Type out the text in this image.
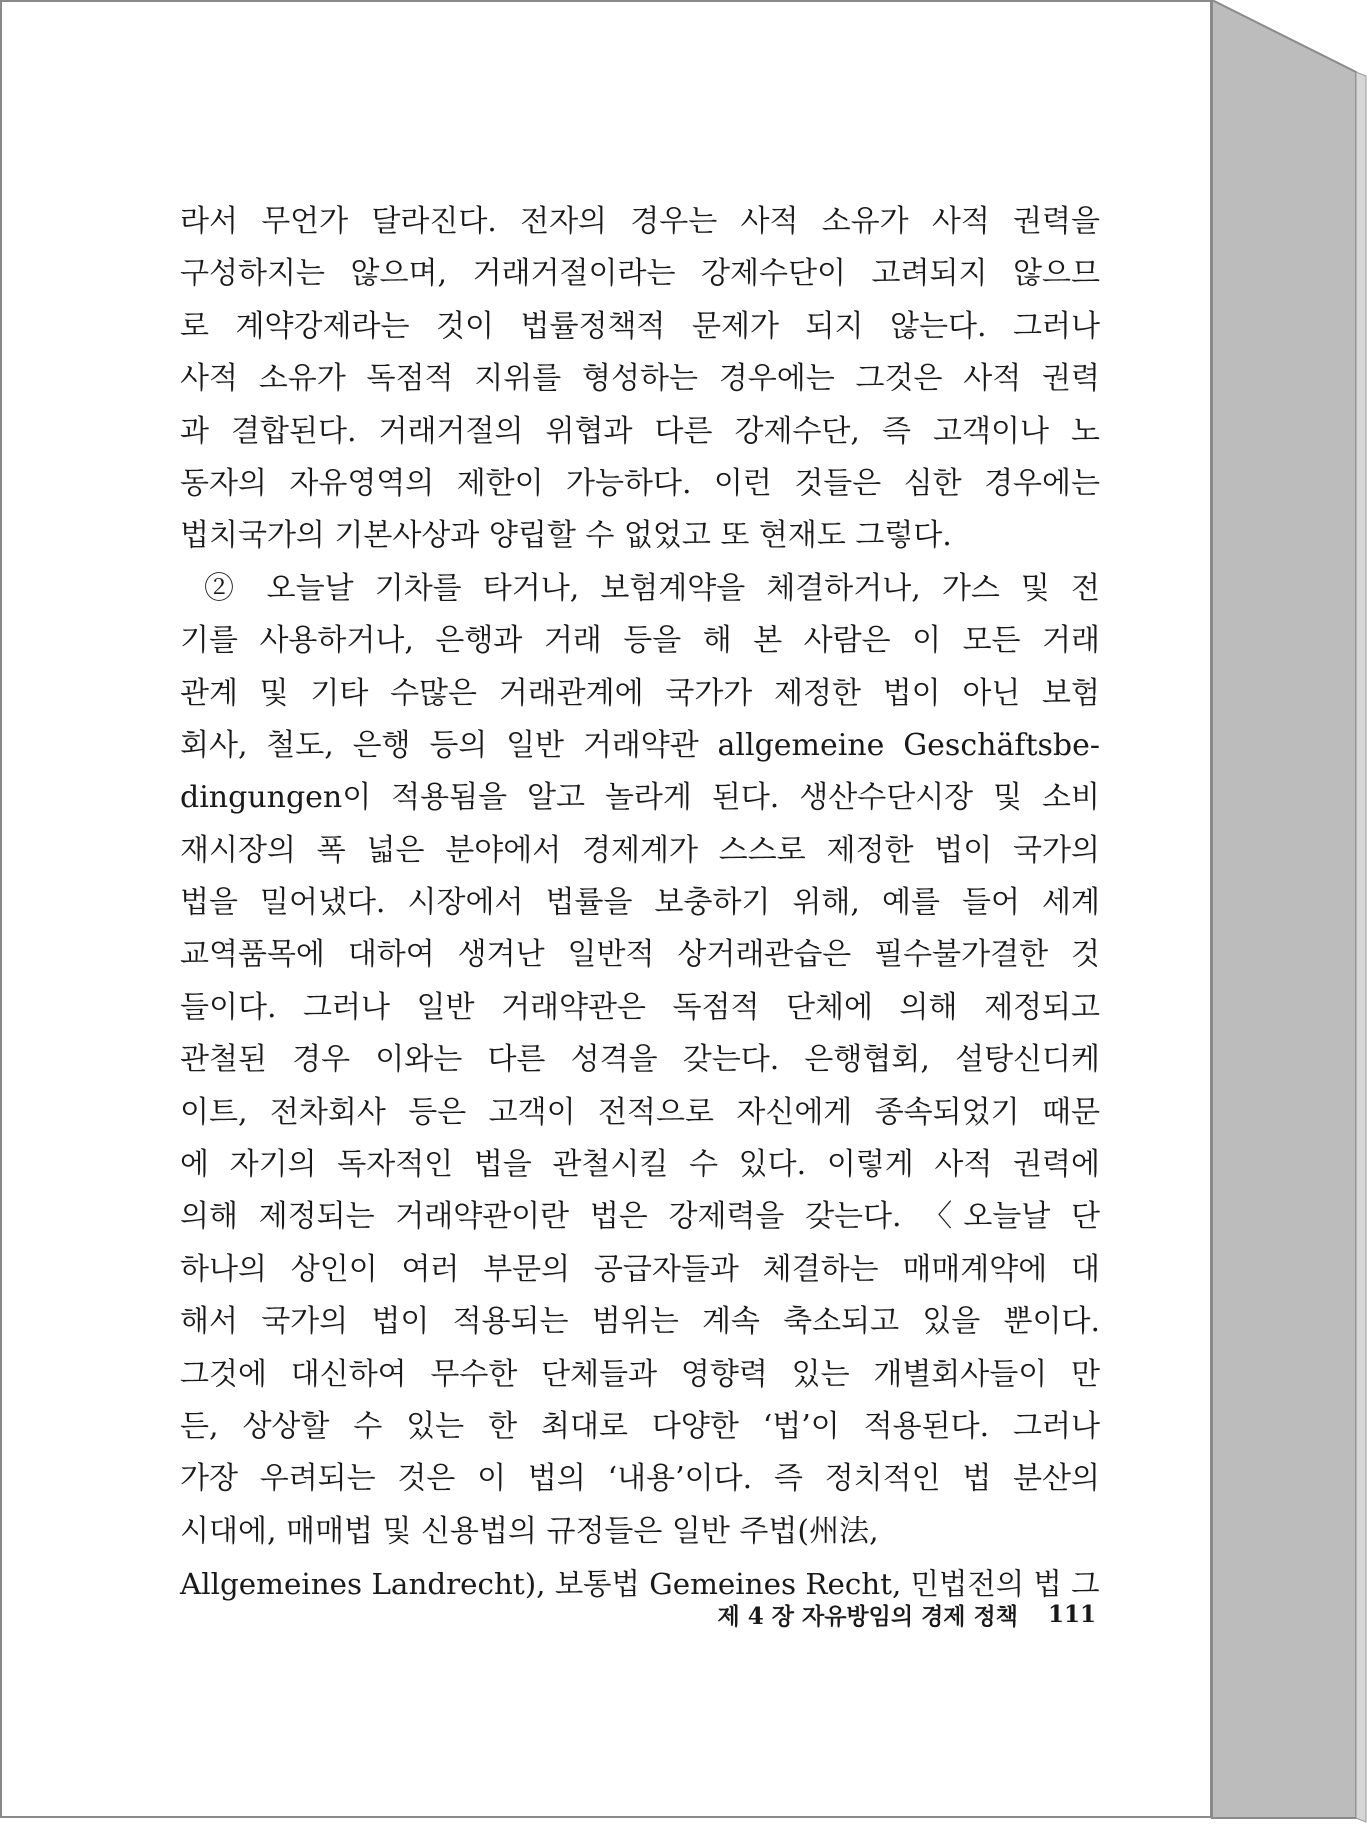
라서 무언가 달라진다. 전자의 경우는 사적 소유가 사적 권력을
구성하지는 않으며, 거래거절이라는 강제수단이 고려되지 않으므
로 계약강제라는 것이 법률정책적 문제가 되지 않는다. 그러나
사적 소유가 독점적 지위를 형성하는 경우에는 그것은 사적 권력
과 결합된다. 거래거절의 위협과 다른 강제수단, 즉 고객이나 노
동자의 자유영역의 제한이 가능하다. 이런 것들은 심한 경우에는
법치국가의 기본사상과 양립할 수 없었고 또 현재도 그렇다.
② 오늘날 기차를 타거나, 보험계약을 체결하거나, 가스 및 전
기를 사용하거나, 은행과 거래 등을 해 본 사람은 이 모든 거래
관계 및 기타 수많은 거래관계에 국가가 제정한 법이 아닌 보험
회사, 철도, 은행 등의 일반 거래약관 allgemeine Geschäftsbe-
dingungen이 적용됨을 알고 놀라게 된다. 생산수단시장 및 소비
재시장의 폭 넓은 분야에서 경제계가 스스로 제정한 법이 국가의
법을 밀어냈다. 시장에서 법률을 보충하기 위해, 예를 들어 세계
교역품목에 대하여 생겨난 일반적 상거래관습은 필수불가결한 것
들이다. 그러나 일반 거래약관은 독점적 단체에 의해 제정되고
관철된 경우 이와는 다른 성격을 갖는다. 은행협회, 설탕신디케
이트, 전차회사 등은 고객이 전적으로 자신에게 종속되었기 때문
에 자기의 독자적인 법을 관철시킬 수 있다. 이렇게 사적 권력에
의해 제정되는 거래약관이란 법은 강제력을 갖는다. 〈오늘날 단
하나의 상인이 여러 부문의 공급자들과 체결하는 매매계약에 대
해서 국가의 법이 적용되는 범위는 계속 축소되고 있을 뿐이다.
그것에 대신하여 무수한 단체들과 영향력 있는 개별회사들이 만
든, 상상할 수 있는 한 최대로 다양한 ‘법’이 적용된다. 그러나
가장 우려되는 것은 이 법의 ‘내용’이다. 즉 정치적인 법 분산의
시대에, 매매법 및 신용법의 규정들은 일반 주법(州法,
Allgemeines Landrecht), 보통법 Gemeines Recht, 민법전의 법 그
제 4 장 자유방임의 경제 정책 111
